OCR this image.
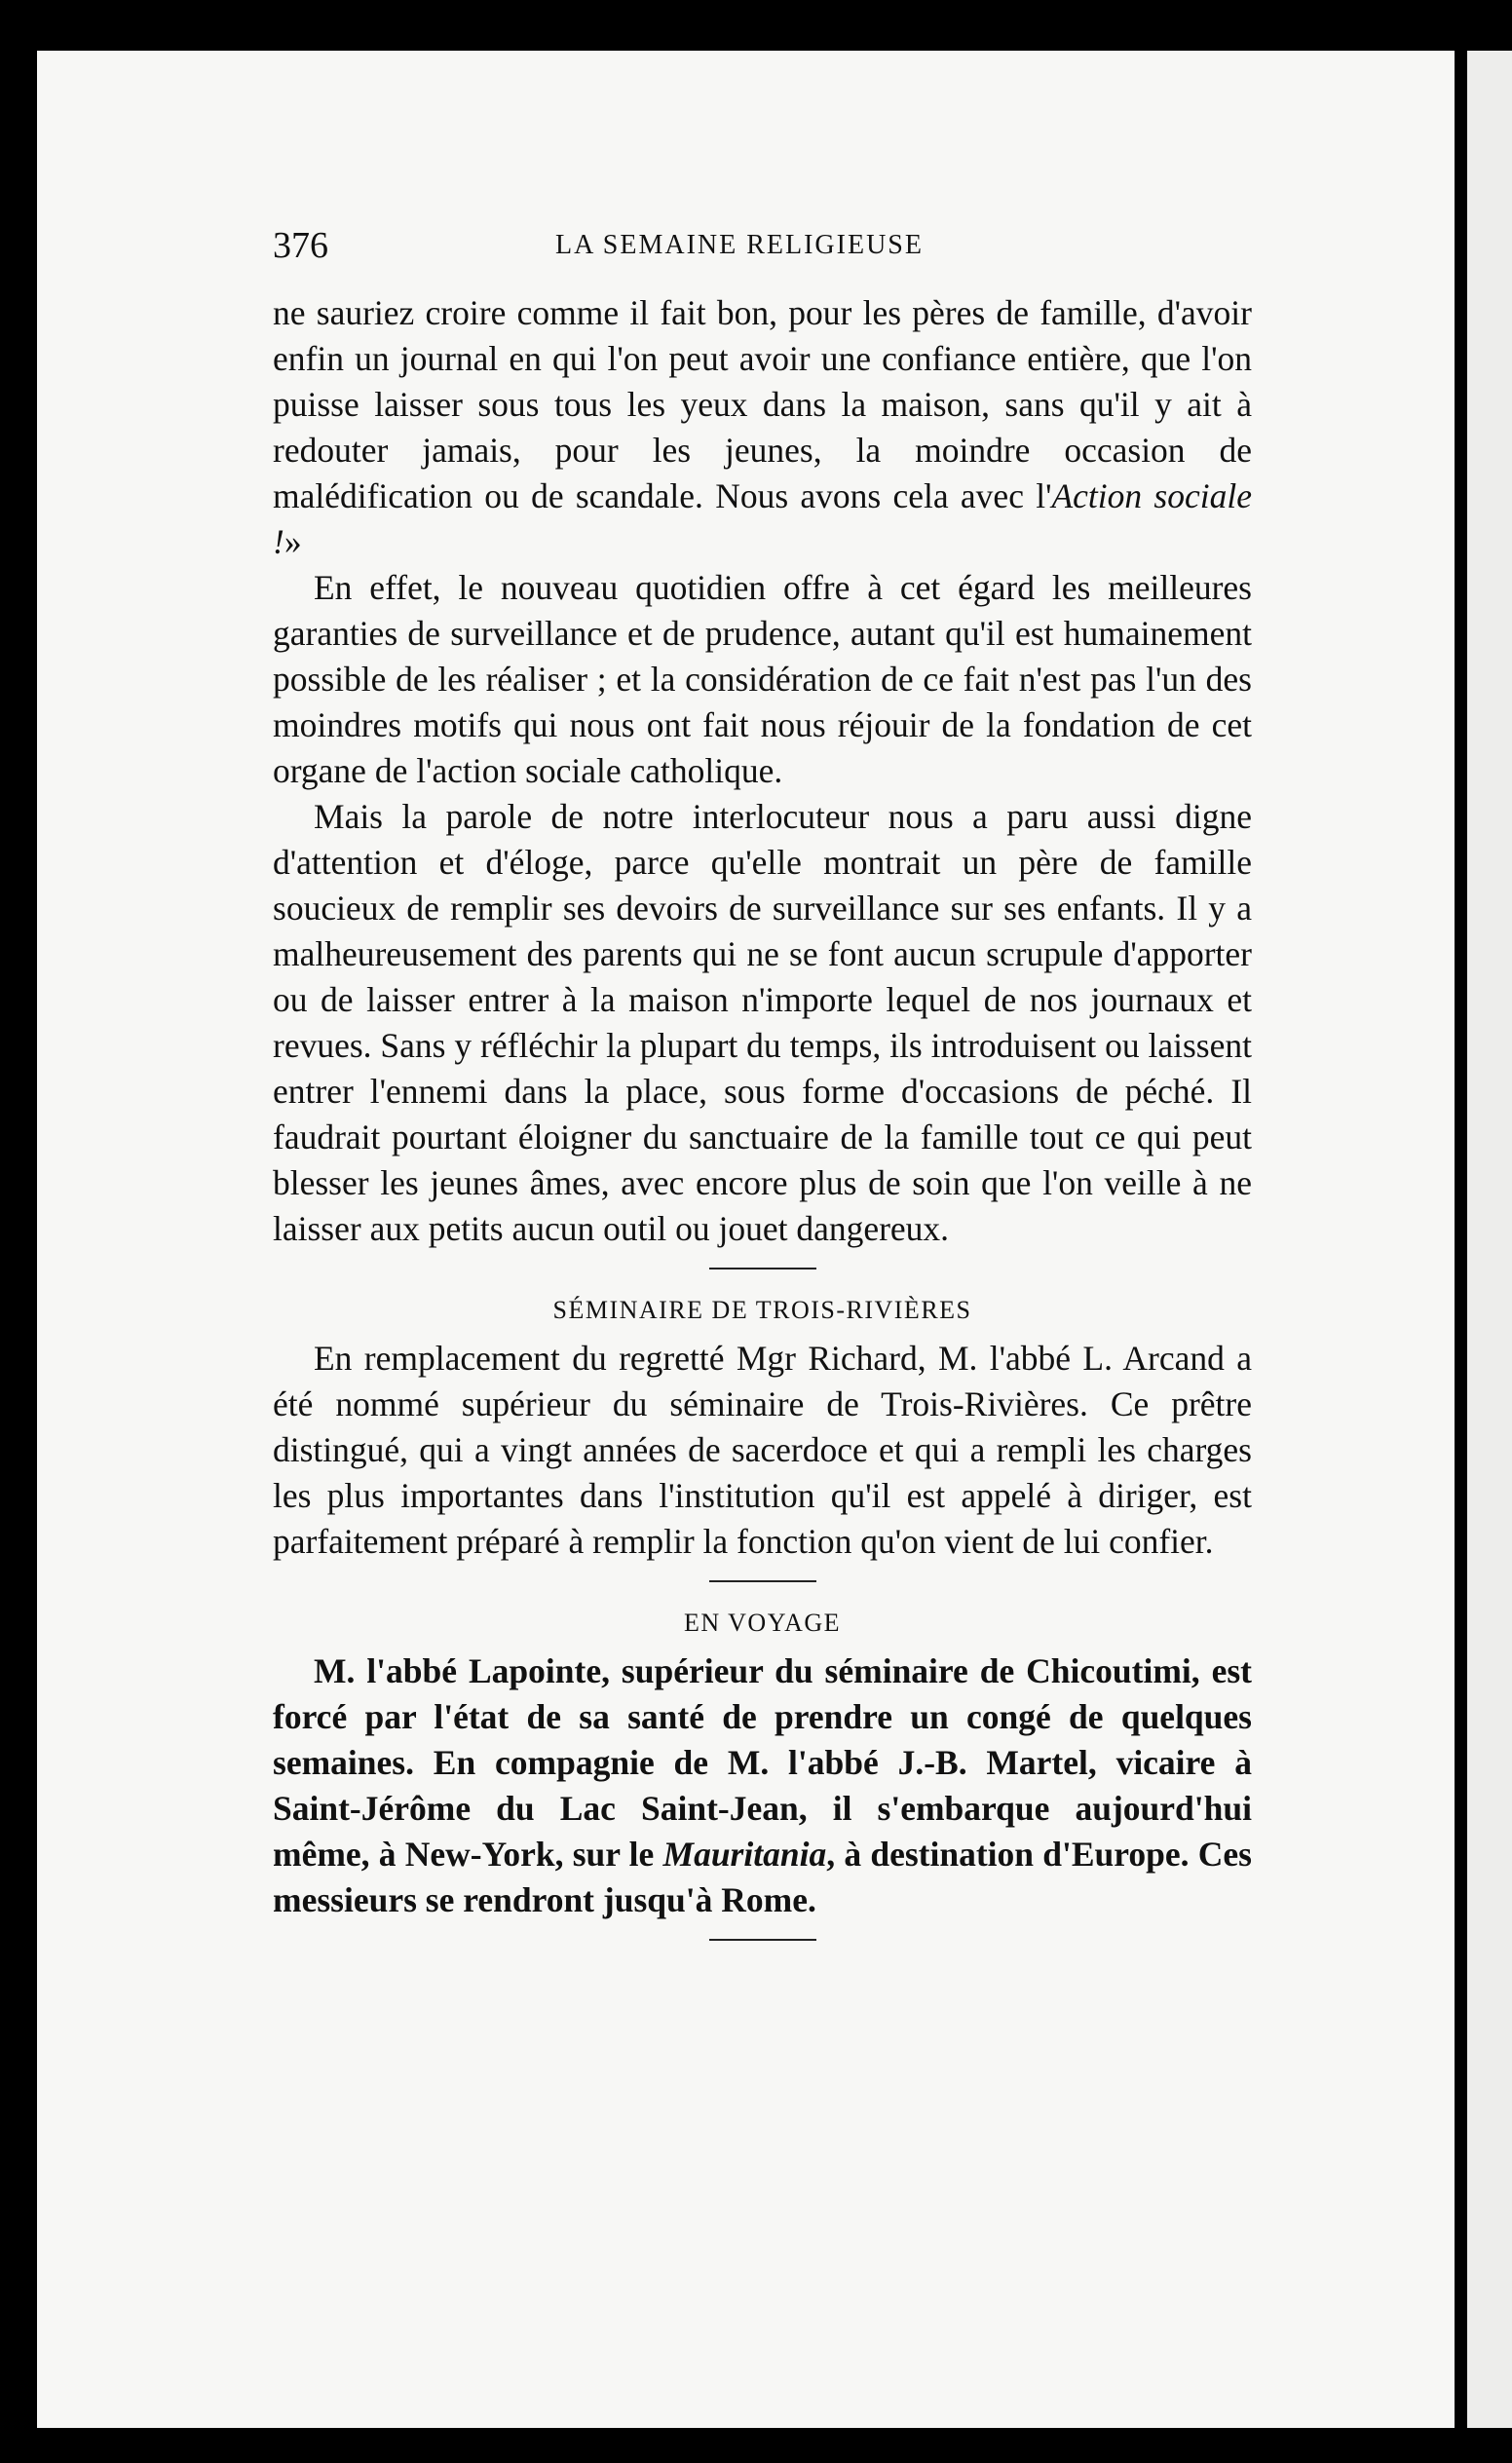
376	LA SEMAINE RELIGIEUSE

ne sauriez croire comme il fait bon, pour les pères de famille, d'avoir enfin un journal en qui l'on peut avoir une confiance entière, que l'on puisse laisser sous tous les yeux dans la maison, sans qu'il y ait à redouter jamais, pour les jeunes, la moindre occasion de malédification ou de scandale. Nous avons cela avec l'Action sociale !»

En effet, le nouveau quotidien offre à cet égard les meilleures garanties de surveillance et de prudence, autant qu'il est humainement possible de les réaliser ; et la considération de ce fait n'est pas l'un des moindres motifs qui nous ont fait nous réjouir de la fondation de cet organe de l'action sociale catholique.

Mais la parole de notre interlocuteur nous a paru aussi digne d'attention et d'éloge, parce qu'elle montrait un père de famille soucieux de remplir ses devoirs de surveillance sur ses enfants. Il y a malheureusement des parents qui ne se font aucun scrupule d'apporter ou de laisser entrer à la maison n'importe lequel de nos journaux et revues. Sans y réfléchir la plupart du temps, ils introduisent ou laissent entrer l'ennemi dans la place, sous forme d'occasions de péché. Il faudrait pourtant éloigner du sanctuaire de la famille tout ce qui peut blesser les jeunes âmes, avec encore plus de soin que l'on veille à ne laisser aux petits aucun outil ou jouet dangereux.

SÉMINAIRE DE TROIS-RIVIÈRES

En remplacement du regretté Mgr Richard, M. l'abbé L. Arcand a été nommé supérieur du séminaire de Trois-Rivières. Ce prêtre distingué, qui a vingt années de sacerdoce et qui a rempli les charges les plus importantes dans l'institution qu'il est appelé à diriger, est parfaitement préparé à remplir la fonction qu'on vient de lui confier.

EN VOYAGE

M. l'abbé Lapointe, supérieur du séminaire de Chicoutimi, est forcé par l'état de sa santé de prendre un congé de quelques semaines. En compagnie de M. l'abbé J.-B. Martel, vicaire à Saint-Jérôme du Lac Saint-Jean, il s'embarque aujourd'hui même, à New-York, sur le Mauritania, à destination d'Europe. Ces messieurs se rendront jusqu'à Rome.
